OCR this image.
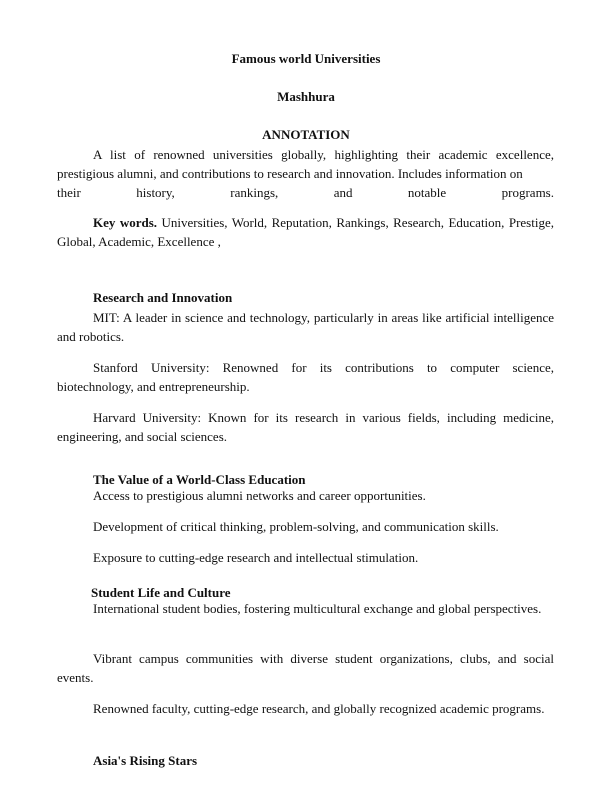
Famous world Universities
Mashhura
ANNOTATION
A list of renowned universities globally, highlighting their academic excellence, prestigious alumni, and contributions to research and innovation. Includes information on
their history, rankings, and notable programs.
Key words. Universities, World, Reputation, Rankings, Research, Education, Prestige, Global, Academic, Excellence ,
Research and Innovation
MIT: A leader in science and technology, particularly in areas like artificial intelligence and robotics.
Stanford University: Renowned for its contributions to computer science, biotechnology, and entrepreneurship.
Harvard University: Known for its research in various fields, including medicine, engineering, and social sciences.
The Value of a World-Class Education
Access to prestigious alumni networks and career opportunities.
Development of critical thinking, problem-solving, and communication skills.
Exposure to cutting-edge research and intellectual stimulation.
Student Life and Culture
International student bodies, fostering multicultural exchange and global perspectives.
Vibrant campus communities with diverse student organizations, clubs, and social events.
Renowned faculty, cutting-edge research, and globally recognized academic programs.
Asia's Rising Stars
